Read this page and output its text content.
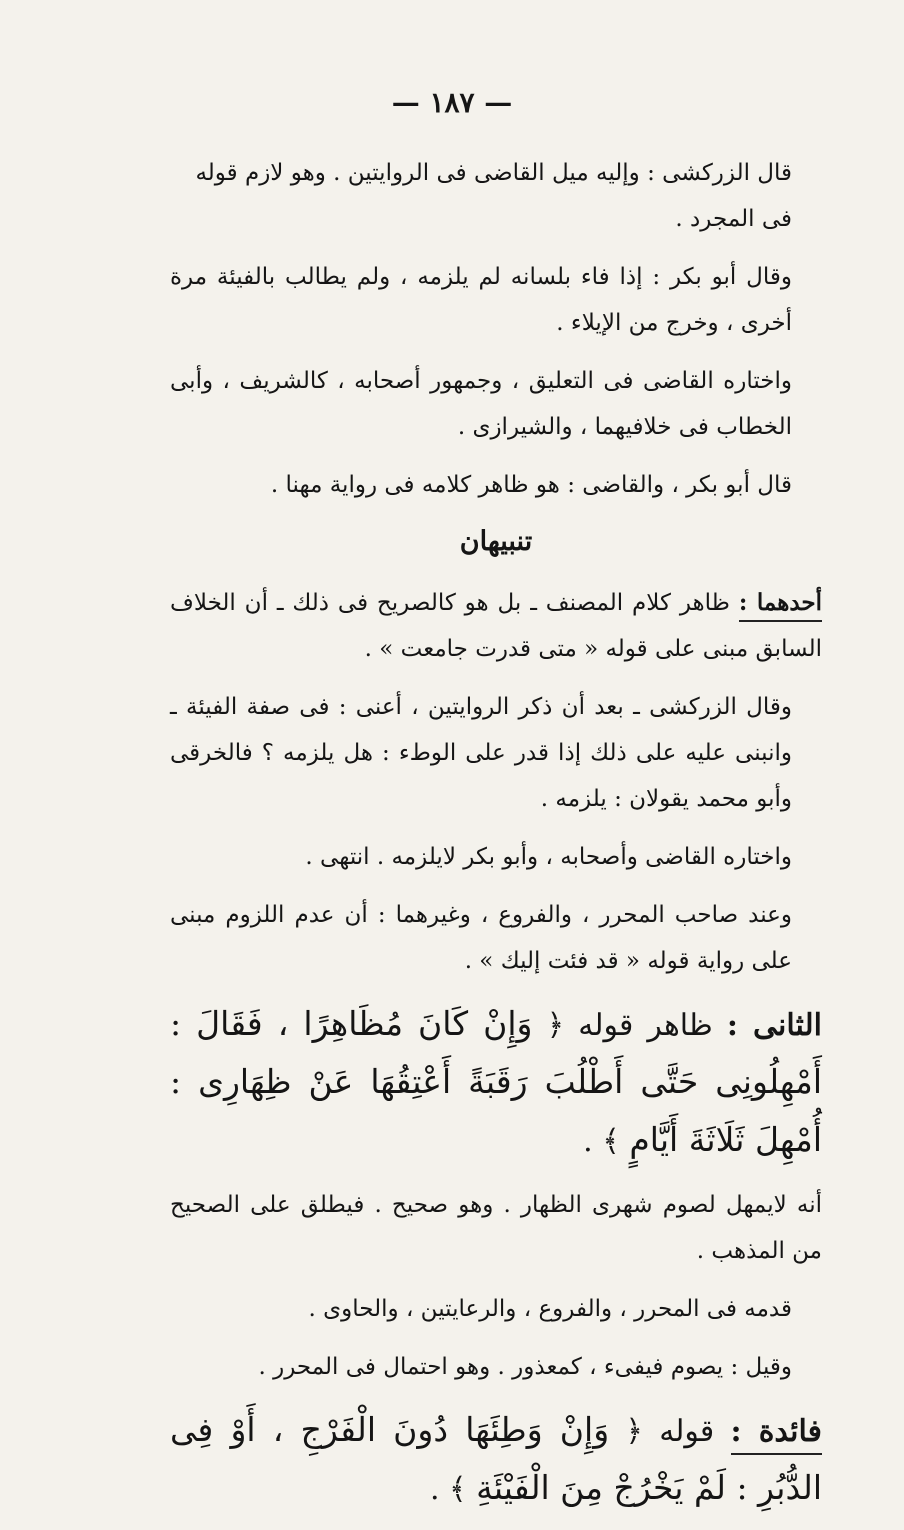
— ١٨٧ —

قال الزركشى : وإليه ميل القاضى فى الروايتين . وهو لازم قوله فى المجرد .

وقال أبو بكر : إذا فاء بلسانه لم يلزمه ، ولم يطالب بالفيئة مرة أخرى ، وخرج من الإيلاء .

واختاره القاضى فى التعليق ، وجمهور أصحابه ، كالشريف ، وأبى الخطاب فى خلافيهما ، والشيرازى .

قال أبو بكر ، والقاضى : هو ظاهر كلامه فى رواية مهنا .

تنبيهان

أحدهما : ظاهر كلام المصنف ـ بل هو كالصريح فى ذلك ـ أن الخلاف السابق مبنى على قوله « متى قدرت جامعت » .

وقال الزركشى ـ بعد أن ذكر الروايتين ، أعنى : فى صفة الفيئة ـ وانبنى عليه على ذلك إذا قدر على الوطء : هل يلزمه ؟ فالخرقى وأبو محمد يقولان : يلزمه .

واختاره القاضى وأصحابه ، وأبو بكر لايلزمه . انتهى .

وعند صاحب المحرر ، والفروع ، وغيرهما : أن عدم اللزوم مبنى على رواية قوله « قد فئت إليك » .

الثانى : ظاهر قوله ﴿ وَإِنْ كَانَ مُظَاهِرًا ، فَقَالَ : أَمْهِلُونِى حَتَّى أَطْلُبَ رَقَبَةً أَعْتِقُهَا عَنْ ظِهَارِى : أُمْهِلَ ثَلَاثَةَ أَيَّامٍ ﴾ .

أنه لايمهل لصوم شهرى الظهار . وهو صحيح . فيطلق على الصحيح من المذهب .

قدمه فى المحرر ، والفروع ، والرعايتين ، والحاوى .

وقيل : يصوم فيفىء ، كمعذور . وهو احتمال فى المحرر .

فائدة : قوله ﴿ وَإِنْ وَطِئَهَا دُونَ الْفَرْجِ ، أَوْ فِى الدُّبُرِ : لَمْ يَخْرُجْ مِنَ الْفَيْئَةِ ﴾ .
